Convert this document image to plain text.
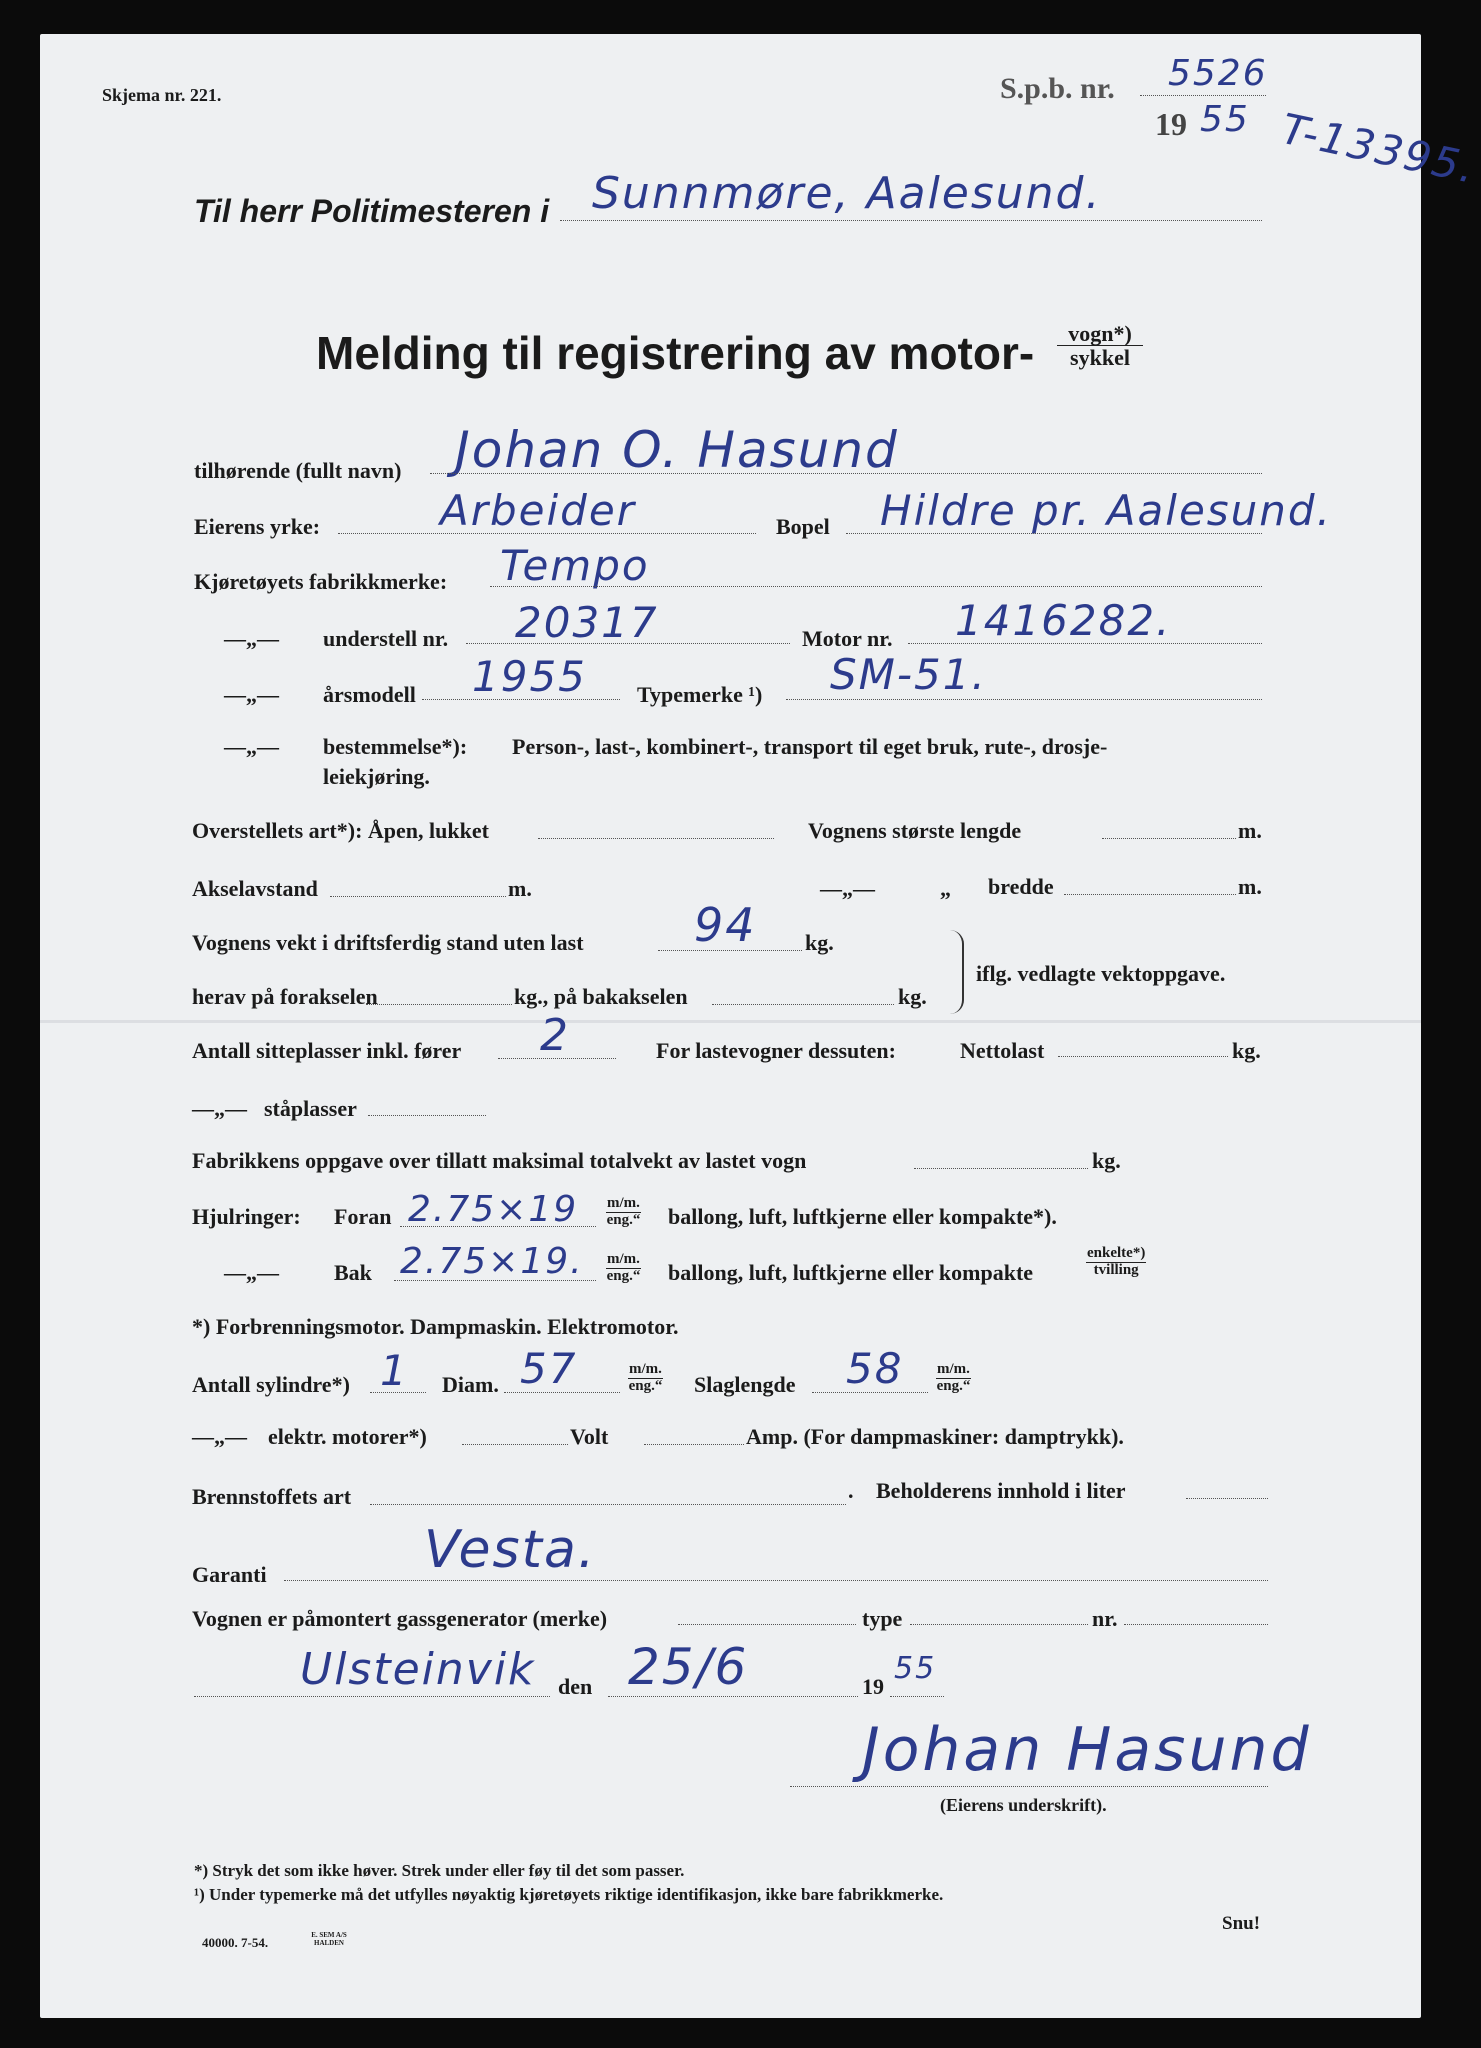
Skjema nr. 221.	S.p.b. nr. 5526
19 55 T-13395.
Til herr Politimesteren i Sunnmøre, Aalesund.
Melding til registrering av motor-	vogn*)
sykkel
tilhørende (fullt navn) Johan O. Hasund
Eierens yrke:	Arbeider	Bopel Hildre pr. Aalesund.
Kjøretøyets fabrikkmerke: Tempo
—„— understell nr. 20317	Motor nr. 1416282.
—„— årsmodell 1955 Typemerke ¹) SM-51.
—„— bestemmelse*): Person-, last-, kombinert-, transport til eget bruk, rute-, drosje-
leiekjøring.
Overstellets art*): Åpen, lukket	Vognens største lengde	m.
Akselavstand	m.	—„—	„ bredde	m.
Vognens vekt i driftsferdig stand uten last 94 kg.
herav på forakselen	kg., på bakakselen	kg.
iflg. vedlagte vektoppgave.
Antall sitteplasser inkl. fører 2	For lastevogner dessuten:	Nettolast	kg.
—„— ståplasser
Fabrikkens oppgave over tillatt maksimal totalvekt av lastet vogn	kg.
Hjulringer: Foran 2.75×19 m/m.
eng.“ ballong, luft, luftkjerne eller kompakte*).
—„—	Bak 2.75×19. m/m.
eng.“ ballong, luft, luftkjerne eller kompakte
enkelte*)
tvilling
*) Forbrenningsmotor. Dampmaskin. Elektromotor.
Antall sylindre*) 1 Diam. 57	m/m.
eng.“ Slaglengde 58 m/m.
eng.“
—„— elektr. motorer*)	Volt	Amp. (For dampmaskiner: damptrykk).
Brennstoffets art	. Beholderens innhold i liter
Garanti	Vesta.
Vognen er påmontert gassgenerator (merke)	type	nr.
Ulsteinvik den 25/6	19
55
Johan Hasund
(Eierens underskrift).
*) Stryk det som ikke høver. Strek under eller føy til det som passer.
¹) Under typemerke må det utfylles nøyaktig kjøretøyets riktige identifikasjon, ikke bare fabrikkmerke.
40000. 7-54.	E. SEM A/S HALDEN
Snu!
